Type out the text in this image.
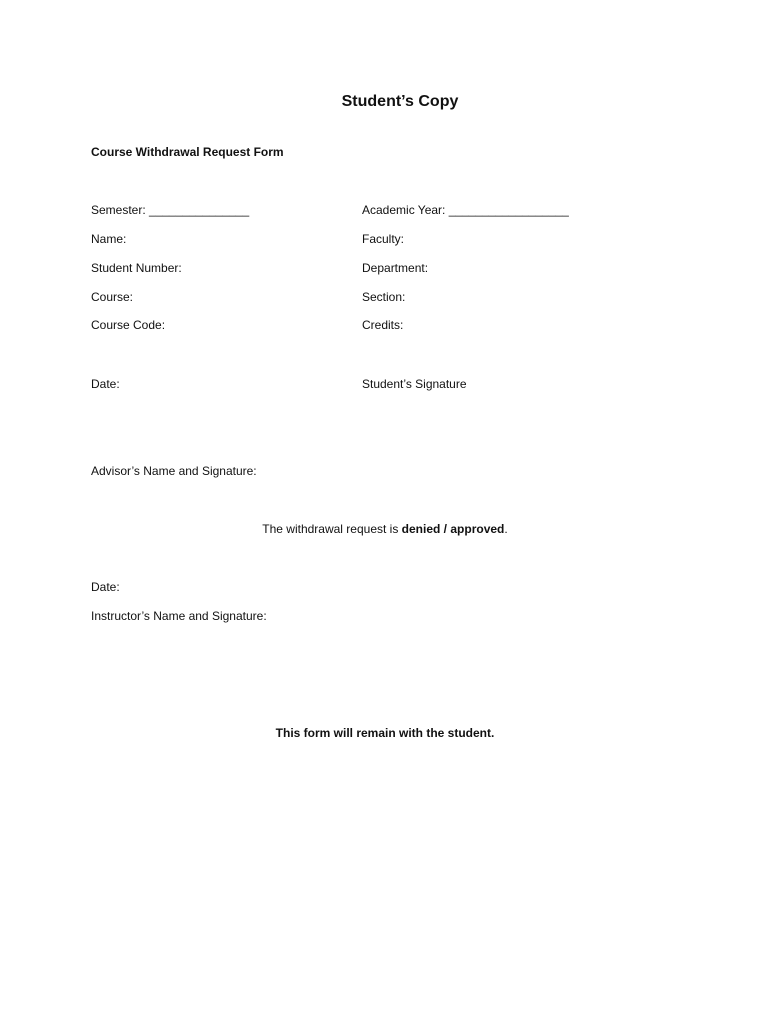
Student’s Copy
Course Withdrawal Request Form
Semester: _______________	Academic Year: __________________
Name:	Faculty:
Student Number:	Department:
Course:	Section:
Course Code:	Credits:
Date:	Student’s Signature
Advisor’s Name and Signature:
The withdrawal request is denied / approved.
Date:
Instructor’s Name and Signature:
This form will remain with the student.
